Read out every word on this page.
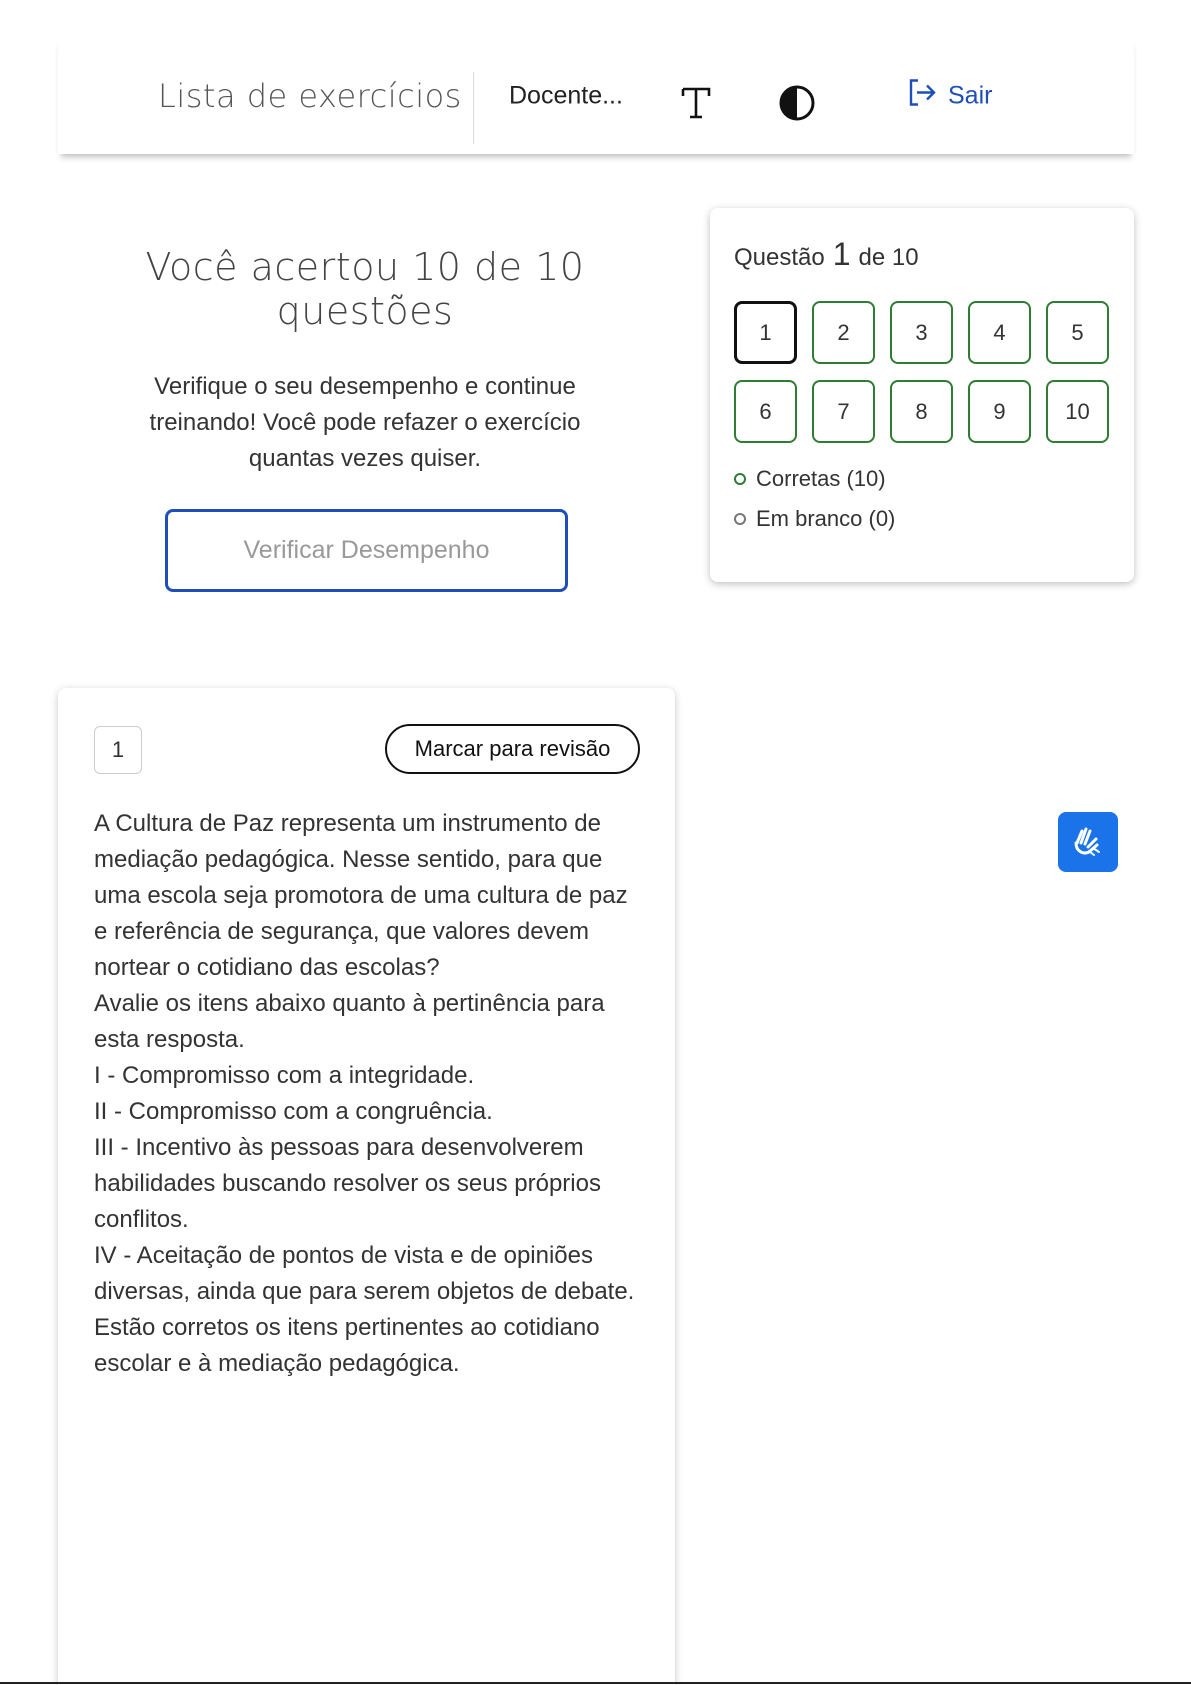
Lista de exercícios Docente...	Sair
Você acertou 10 de 10 questões

Verifique o seu desempenho e continue treinando! Você pode refazer o exercício quantas vezes quiser.

Verificar Desempenho
Questão 1 de 10
1	2	3	4	5
6	7	8	9	10
Corretas (10)
Em branco (0)
1	Marcar para revisão
A Cultura de Paz representa um instrumento de mediação pedagógica. Nesse sentido, para que uma escola seja promotora de uma cultura de paz e referência de segurança, que valores devem nortear o cotidiano das escolas?
Avalie os itens abaixo quanto à pertinência para esta resposta.
I - Compromisso com a integridade.
II - Compromisso com a congruência.
III - Incentivo às pessoas para desenvolverem habilidades buscando resolver os seus próprios conflitos.
IV - Aceitação de pontos de vista e de opiniões diversas, ainda que para serem objetos de debate.
Estão corretos os itens pertinentes ao cotidiano escolar e à mediação pedagógica.
